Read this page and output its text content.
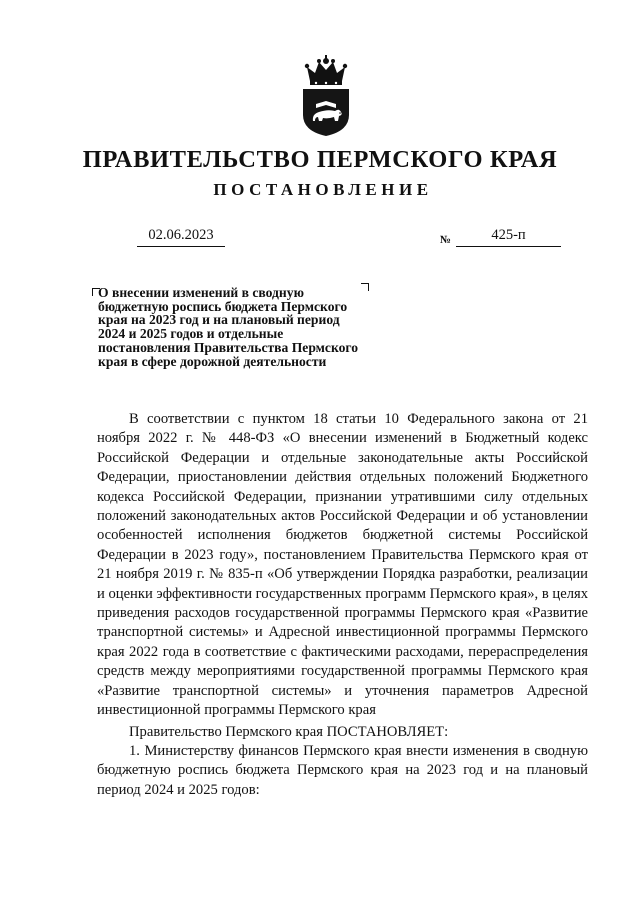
ПРАВИТЕЛЬСТВО ПЕРМСКОГО КРАЯ
ПОСТАНОВЛЕНИЕ
02.06.2023	№	425-п
О внесении изменений в сводную
бюджетную роспись бюджета Пермского
края на 2023 год и на плановый период
2024 и 2025 годов и отдельные
постановления Правительства Пермского
края в сфере дорожной деятельности

В соответствии с пунктом 18 статьи 10 Федерального закона от 21 ноября 2022 г. № 448-ФЗ «О внесении изменений в Бюджетный кодекс Российской Федерации и отдельные законодательные акты Российской Федерации, приостановлении действия отдельных положений Бюджетного кодекса Российской Федерации, признании утратившими силу отдельных положений законодательных актов Российской Федерации и об установлении особенностей исполнения бюджетов бюджетной системы Российской Федерации в 2023 году», постановлением Правительства Пермского края от 21 ноября 2019 г. № 835-п «Об утверждении Порядка разработки, реализации и оценки эффективности государственных программ Пермского края», в целях приведения расходов государственной программы Пермского края «Развитие транспортной системы» и Адресной инвестиционной программы Пермского края 2022 года в соответствие с фактическими расходами, перераспределения средств между мероприятиями государственной программы Пермского края «Развитие транспортной системы» и уточнения параметров Адресной инвестиционной программы Пермского края

Правительство Пермского края ПОСТАНОВЛЯЕТ:

1. Министерству финансов Пермского края внести изменения в сводную бюджетную роспись бюджета Пермского края на 2023 год и на плановый период 2024 и 2025 годов:
